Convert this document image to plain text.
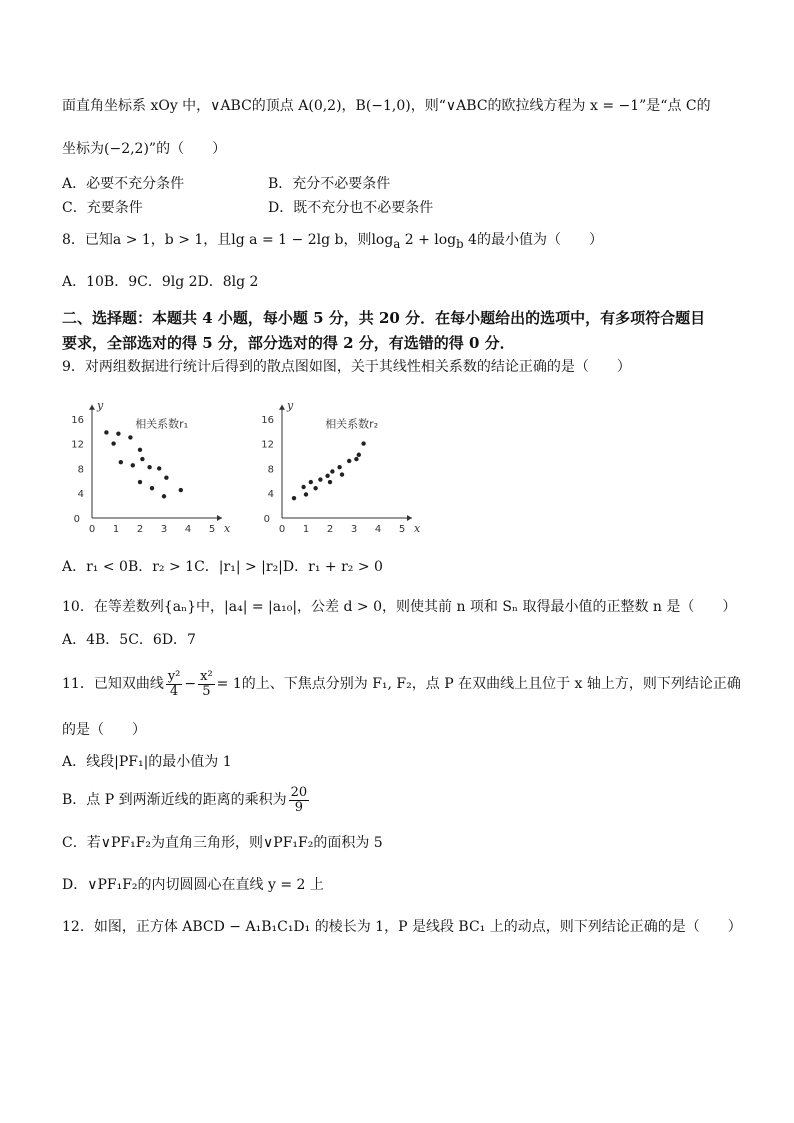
面直角坐标系 xOy 中，∨ABC的顶点 A(0,2)，B(−1,0)，则“∨ABC的欧拉线方程为 x = −1”是“点 C的
坐标为(−2,2)”的（　　）
A．必要不充分条件	B．充分不必要条件
C．充要条件	D．既不充分也不必要条件
8．已知a > 1，b > 1，且lg a = 1 − 2lg b，则$\log_a 2 + \log_b 4$的最小值为（　　）
A．10B．9C．9lg 2D．8lg 2
二、选择题：本题共 4 小题，每小题 5 分，共 20 分．在每小题给出的选项中，有多项符合题目
要求，全部选对的得 5 分，部分选对的得 2 分，有选错的得 0 分．
9．对两组数据进行统计后得到的散点图如图，关于其线性相关系数的结论正确的是（　　）
x
y
0 1 2 3 4 5
0
4
8
12
16	相关系数r₁
x
y
0 1 2 3 4 5
0
4
8
12
16	相关系数r₂
A．r₁ < 0B．r₂ > 1C．|r₁| > |r₂|D．r₁ + r₂ > 0
10．在等差数列{aₙ}中，|a₄| = |a₁₀|，公差 d > 0，则使其前 n 项和 Sₙ 取得最小值的正整数 n 是（　　）
A．4B．5C．6D．7
11．已知双曲线 $\frac{\text{y²}}{4} - \frac{\text{x²}}{5} = 1$的上、下焦点分别为 F₁, F₂，点 P 在双曲线上且位于 x 轴上方，则下列结论正确
的是（　　）
A．线段|PF₁|的最小值为 1
B．点 P 到两渐近线的距离的乘积为 $\frac{20}{9}$
C．若∨PF₁F₂为直角三角形，则∨PF₁F₂的面积为 5
D．∨PF₁F₂的内切圆圆心在直线 y = 2 上
12．如图，正方体 ABCD − A₁B₁C₁D₁ 的棱长为 1，P 是线段 BC₁ 上的动点，则下列结论正确的是（　　）
